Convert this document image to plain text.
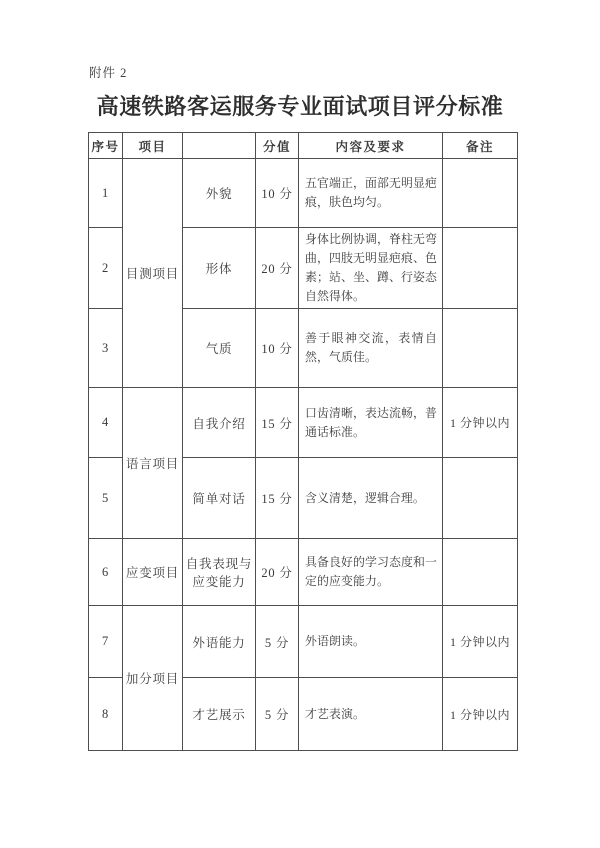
附件 2
高速铁路客运服务专业面试项目评分标准
序号	项目		分值	内容及要求	备注
1	目测项目	外貌	10 分	五官端正，面部无明显疤痕，肤色均匀。	
2		形体	20 分	身体比例协调，脊柱无弯曲，四肢无明显疤痕、色素；站、坐、蹲、行姿态自然得体。	
3		气质	10 分	善于眼神交流，表情自然，气质佳。	
4	语言项目	自我介绍	15 分	口齿清晰，表达流畅，普通话标准。	1 分钟以内
5		简单对话	15 分	含义清楚，逻辑合理。	
6	应变项目	自我表现与应变能力	20 分	具备良好的学习态度和一定的应变能力。	
7	加分项目	外语能力	5 分	外语朗读。	1 分钟以内
8		才艺展示	5 分	才艺表演。	1 分钟以内
